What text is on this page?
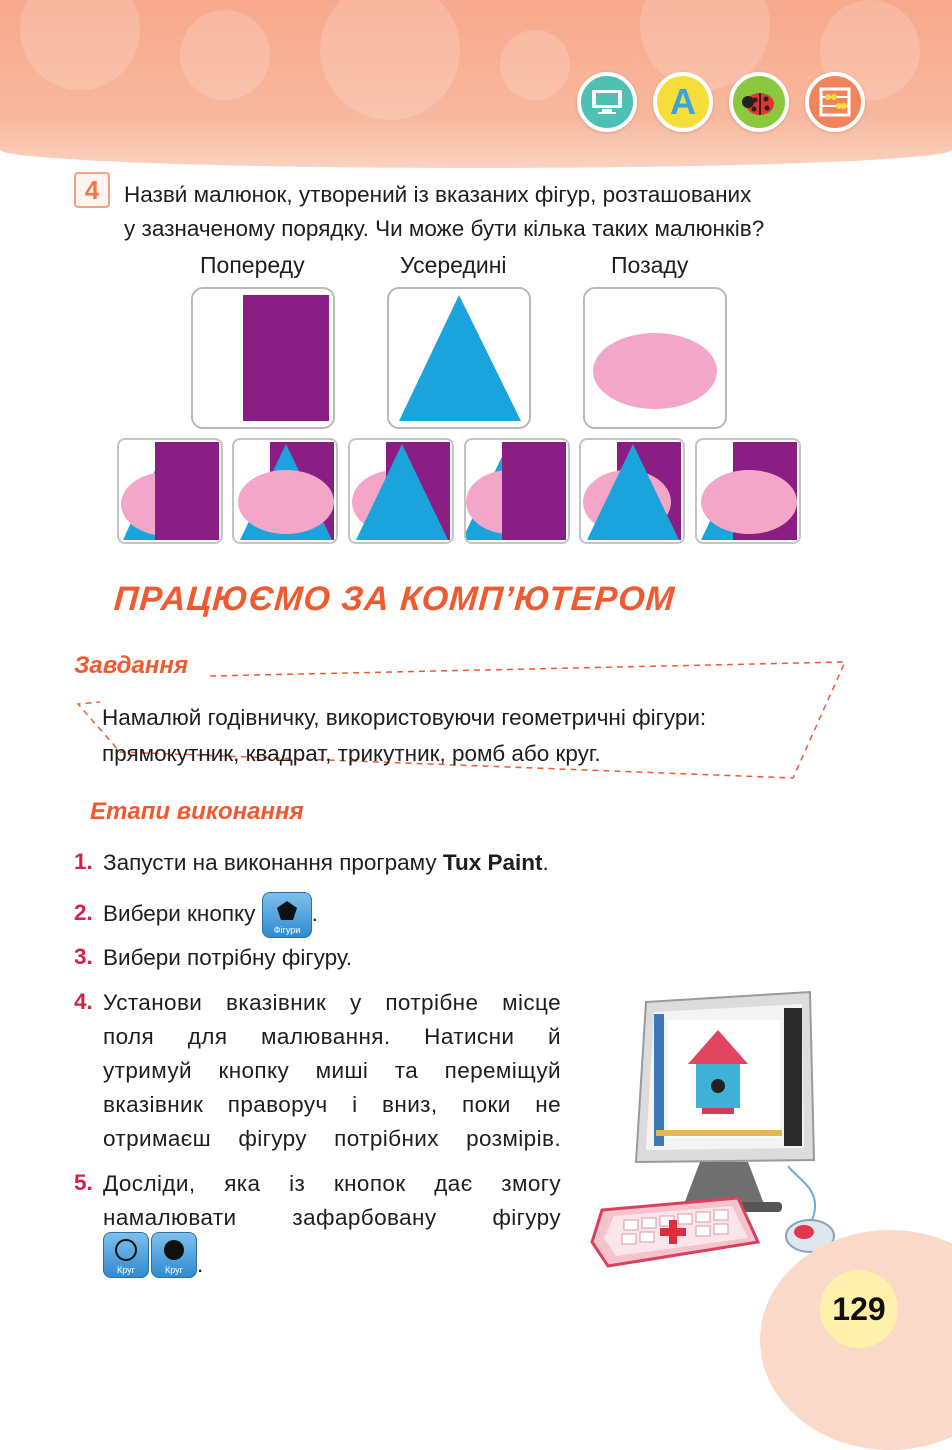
A
4	Назви́ малюнок, утворений із вказаних фігур, розташованих
у зазначеному порядку. Чи може бути кілька таких малюнків?
Попереду	Усередині	Позаду
ПРАЦЮЄМО ЗА КОМП’ЮТЕРОМ
Завдання
Намалюй годівничку, використовуючи геометричні фігури:
прямокутник, квадрат, трикутник, ромб або круг.
Етапи виконання
1. Запусти на виконання програму Tux Paint.
2. Вибери кнопку
Фігури
.
3. Вибери потрібну фігуру.
4. Установи вказівник у потрібне місце
поля для малювання. Натисни й
утримуй кнопку миші та переміщуй
вказівник праворуч і вниз, поки не
отримаєш фігуру потрібних розмірів.
5. Досліди, яка із кнопок дає змогу
намалювати зафарбовану фігуру
Круг	Круг .
129
